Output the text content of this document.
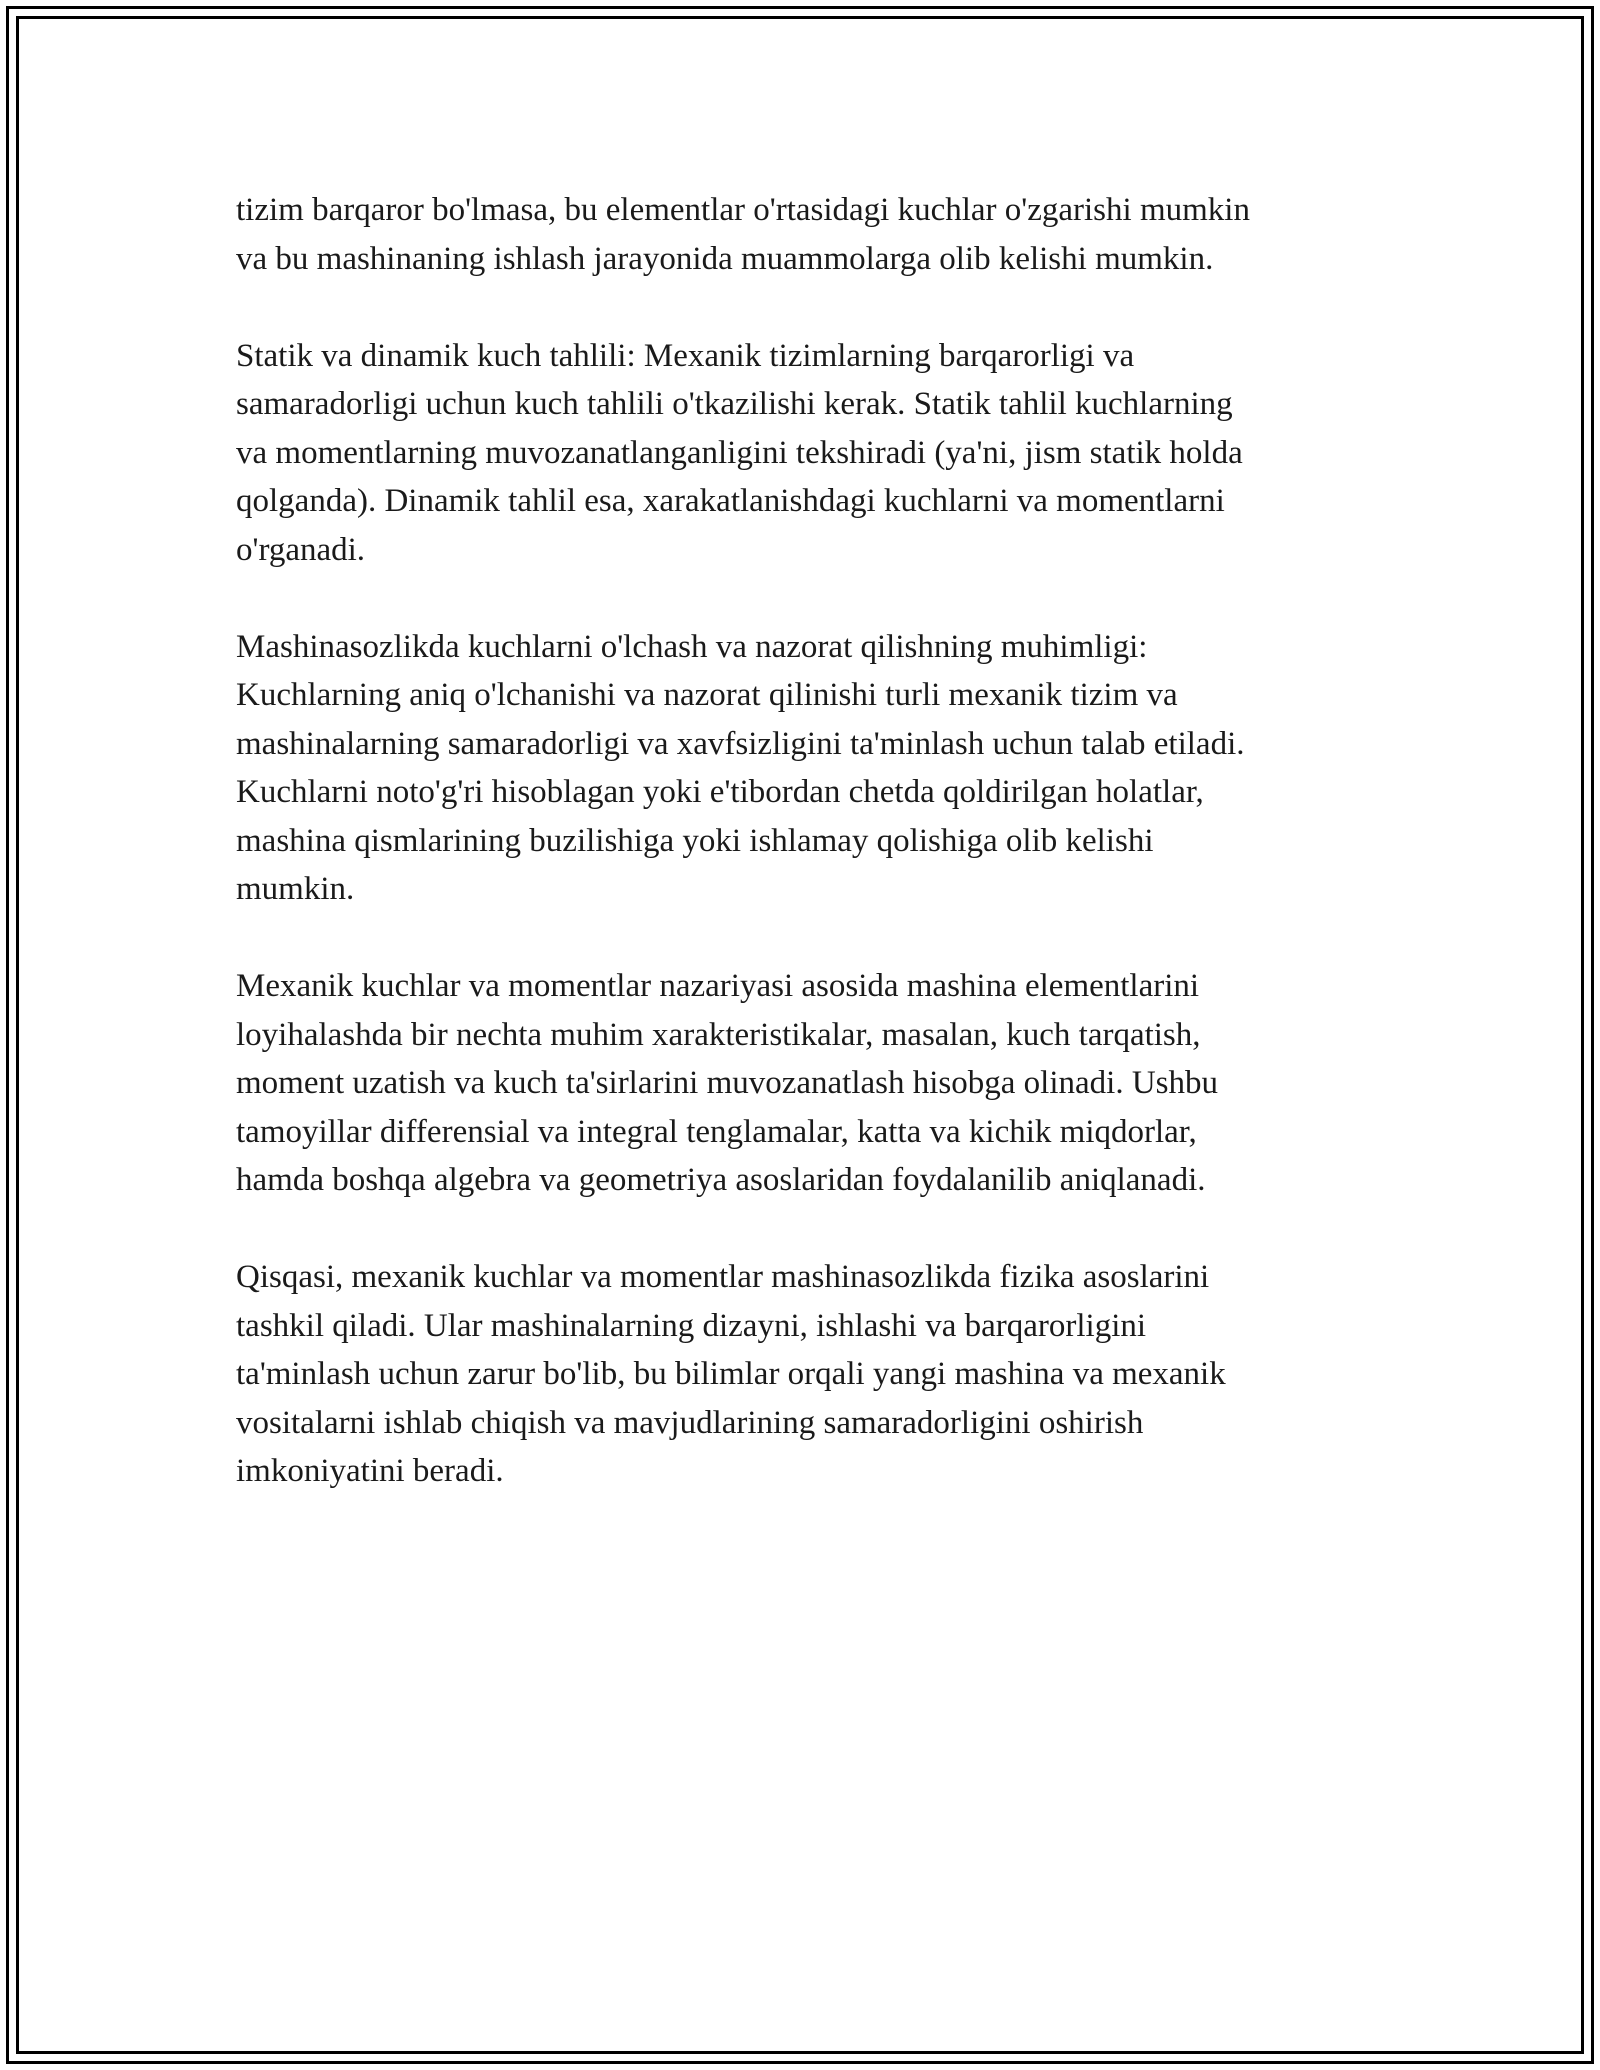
tizim barqaror bo'lmasa, bu elementlar o'rtasidagi kuchlar o'zgarishi mumkin
va bu mashinaning ishlash jarayonida muammolarga olib kelishi mumkin.

Statik va dinamik kuch tahlili: Mexanik tizimlarning barqarorligi va
samaradorligi uchun kuch tahlili o'tkazilishi kerak. Statik tahlil kuchlarning
va momentlarning muvozanatlanganligini tekshiradi (ya'ni, jism statik holda
qolganda). Dinamik tahlil esa, xarakatlanishdagi kuchlarni va momentlarni
o'rganadi.

Mashinasozlikda kuchlarni o'lchash va nazorat qilishning muhimligi:
Kuchlarning aniq o'lchanishi va nazorat qilinishi turli mexanik tizim va
mashinalarning samaradorligi va xavfsizligini ta'minlash uchun talab etiladi.
Kuchlarni noto'g'ri hisoblagan yoki e'tibordan chetda qoldirilgan holatlar,
mashina qismlarining buzilishiga yoki ishlamay qolishiga olib kelishi
mumkin.

Mexanik kuchlar va momentlar nazariyasi asosida mashina elementlarini
loyihalashda bir nechta muhim xarakteristikalar, masalan, kuch tarqatish,
moment uzatish va kuch ta'sirlarini muvozanatlash hisobga olinadi. Ushbu
tamoyillar differensial va integral tenglamalar, katta va kichik miqdorlar,
hamda boshqa algebra va geometriya asoslaridan foydalanilib aniqlanadi.

Qisqasi, mexanik kuchlar va momentlar mashinasozlikda fizika asoslarini
tashkil qiladi. Ular mashinalarning dizayni, ishlashi va barqarorligini
ta'minlash uchun zarur bo'lib, bu bilimlar orqali yangi mashina va mexanik
vositalarni ishlab chiqish va mavjudlarining samaradorligini oshirish
imkoniyatini beradi.
